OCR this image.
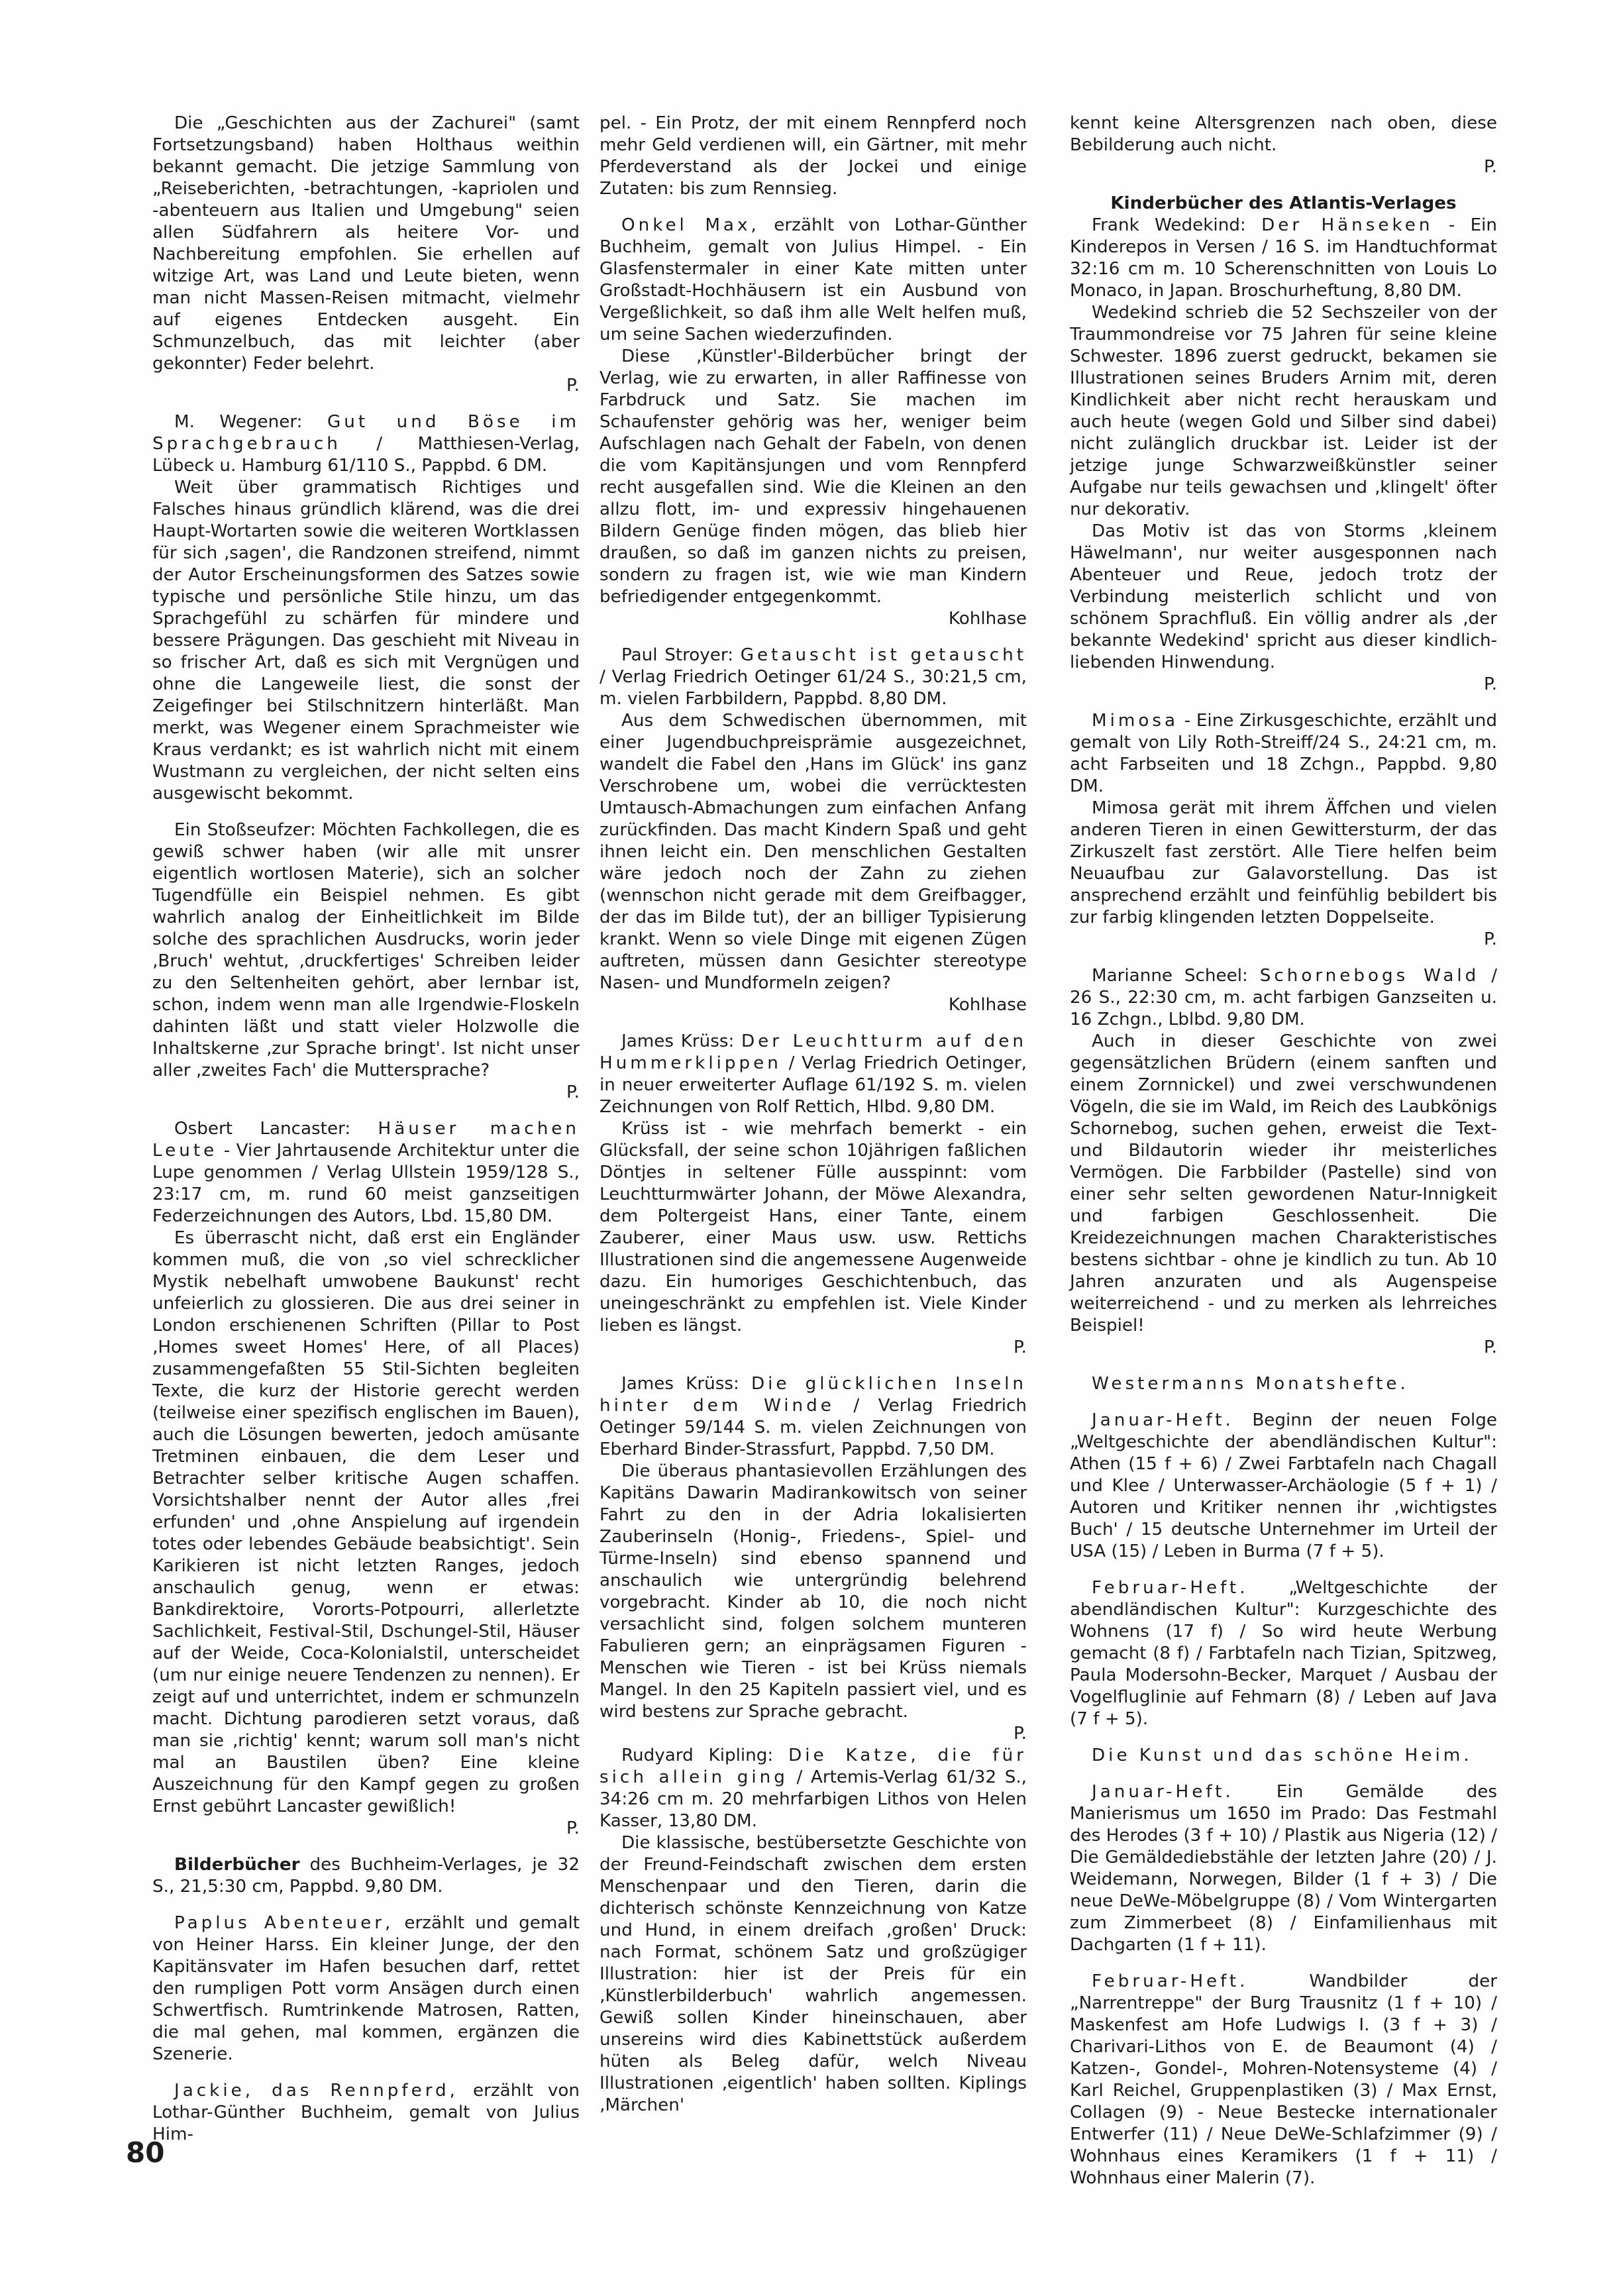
Die „Geschichten aus der Zachurei" (samt Fortsetzungsband) haben Holthaus weithin bekannt gemacht. Die jetzige Sammlung von „Reiseberichten, -betrachtungen, -kapriolen und -abenteuern aus Italien und Umgebung" seien allen Südfahrern als heitere Vor- und Nachbereitung empfohlen. Sie erhellen auf witzige Art, was Land und Leute bieten, wenn man nicht Massen-Reisen mitmacht, vielmehr auf eigenes Entdecken ausgeht. Ein Schmunzelbuch, das mit leichter (aber gekonnter) Feder belehrt.

P.

M. Wegener: Gut und Böse im Sprachgebrauch / Matthiesen-Verlag, Lübeck u. Hamburg 61/110 S., Pappbd. 6 DM.

Weit über grammatisch Richtiges und Falsches hinaus gründlich klärend, was die drei Haupt-Wortarten sowie die weiteren Wortklassen für sich ‚sagen', die Randzonen streifend, nimmt der Autor Erscheinungsformen des Satzes sowie typische und persönliche Stile hinzu, um das Sprachgefühl zu schärfen für mindere und bessere Prägungen. Das geschieht mit Niveau in so frischer Art, daß es sich mit Vergnügen und ohne die Langeweile liest, die sonst der Zeigefinger bei Stilschnitzern hinterläßt. Man merkt, was Wegener einem Sprachmeister wie Kraus verdankt; es ist wahrlich nicht mit einem Wustmann zu vergleichen, der nicht selten eins ausgewischt bekommt.

Ein Stoßseufzer: Möchten Fachkollegen, die es gewiß schwer haben (wir alle mit unsrer eigentlich wortlosen Materie), sich an solcher Tugendfülle ein Beispiel nehmen. Es gibt wahrlich analog der Einheitlichkeit im Bilde solche des sprachlichen Ausdrucks, worin jeder ‚Bruch' wehtut, ‚druckfertiges' Schreiben leider zu den Seltenheiten gehört, aber lernbar ist, schon, indem wenn man alle Irgendwie-Floskeln dahinten läßt und statt vieler Holzwolle die Inhaltskerne ‚zur Sprache bringt'. Ist nicht unser aller ‚zweites Fach' die Muttersprache?

P.

Osbert Lancaster: Häuser machen Leute - Vier Jahrtausende Architektur unter die Lupe genommen / Verlag Ullstein 1959/128 S., 23:17 cm, m. rund 60 meist ganzseitigen Federzeichnungen des Autors, Lbd. 15,80 DM.

Es überrascht nicht, daß erst ein Engländer kommen muß, die von ‚so viel schrecklicher Mystik nebelhaft umwobene Baukunst' recht unfeierlich zu glossieren. Die aus drei seiner in London erschienenen Schriften (Pillar to Post ‚Homes sweet Homes' Here, of all Places) zusammengefaßten 55 Stil-Sichten begleiten Texte, die kurz der Historie gerecht werden (teilweise einer spezifisch englischen im Bauen), auch die Lösungen bewerten, jedoch amüsante Tretminen einbauen, die dem Leser und Betrachter selber kritische Augen schaffen. Vorsichtshalber nennt der Autor alles ‚frei erfunden' und ‚ohne Anspielung auf irgendein totes oder lebendes Gebäude beabsichtigt'. Sein Karikieren ist nicht letzten Ranges, jedoch anschaulich genug, wenn er etwas: Bankdirektoire, Vororts-Potpourri, allerletzte Sachlichkeit, Festival-Stil, Dschungel-Stil, Häuser auf der Weide, Coca-Kolonialstil, unterscheidet (um nur einige neuere Tendenzen zu nennen). Er zeigt auf und unterrichtet, indem er schmunzeln macht. Dichtung parodieren setzt voraus, daß man sie ‚richtig' kennt; warum soll man's nicht mal an Baustilen üben? Eine kleine Auszeichnung für den Kampf gegen zu großen Ernst gebührt Lancaster gewißlich!

P.

Bilderbücher des Buchheim-Verlages, je 32 S., 21,5:30 cm, Pappbd. 9,80 DM.

Paplus Abenteuer, erzählt und gemalt von Heiner Harss. Ein kleiner Junge, der den Kapitänsvater im Hafen besuchen darf, rettet den rumpligen Pott vorm Ansägen durch einen Schwertfisch. Rumtrinkende Matrosen, Ratten, die mal gehen, mal kommen, ergänzen die Szenerie.

Jackie, das Rennpferd, erzählt von Lothar-Günther Buchheim, gemalt von Julius Him-

pel. - Ein Protz, der mit einem Rennpferd noch mehr Geld verdienen will, ein Gärtner, mit mehr Pferdeverstand als der Jockei und einige Zutaten: bis zum Rennsieg.

Onkel Max, erzählt von Lothar-Günther Buchheim, gemalt von Julius Himpel. - Ein Glasfenstermaler in einer Kate mitten unter Großstadt-Hochhäusern ist ein Ausbund von Vergeßlichkeit, so daß ihm alle Welt helfen muß, um seine Sachen wiederzufinden.

Diese ‚Künstler'-Bilderbücher bringt der Verlag, wie zu erwarten, in aller Raffinesse von Farbdruck und Satz. Sie machen im Schaufenster gehörig was her, weniger beim Aufschlagen nach Gehalt der Fabeln, von denen die vom Kapitänsjungen und vom Rennpferd recht ausgefallen sind. Wie die Kleinen an den allzu flott, im- und expressiv hingehauenen Bildern Genüge finden mögen, das blieb hier draußen, so daß im ganzen nichts zu preisen, sondern zu fragen ist, wie wie man Kindern befriedigender entgegenkommt.

Kohlhase

Paul Stroyer: Getauscht ist getauscht / Verlag Friedrich Oetinger 61/24 S., 30:21,5 cm, m. vielen Farbbildern, Pappbd. 8,80 DM.

Aus dem Schwedischen übernommen, mit einer Jugendbuchpreisprämie ausgezeichnet, wandelt die Fabel den ‚Hans im Glück' ins ganz Verschrobene um, wobei die verrücktesten Umtausch-Abmachungen zum einfachen Anfang zurückfinden. Das macht Kindern Spaß und geht ihnen leicht ein. Den menschlichen Gestalten wäre jedoch noch der Zahn zu ziehen (wennschon nicht gerade mit dem Greifbagger, der das im Bilde tut), der an billiger Typisierung krankt. Wenn so viele Dinge mit eigenen Zügen auftreten, müssen dann Gesichter stereotype Nasen- und Mundformeln zeigen?

Kohlhase

James Krüss: Der Leuchtturm auf den Hummerklippen / Verlag Friedrich Oetinger, in neuer erweiterter Auflage 61/192 S. m. vielen Zeichnungen von Rolf Rettich, Hlbd. 9,80 DM.

Krüss ist - wie mehrfach bemerkt - ein Glücksfall, der seine schon 10jährigen faßlichen Döntjes in seltener Fülle ausspinnt: vom Leuchtturmwärter Johann, der Möwe Alexandra, dem Poltergeist Hans, einer Tante, einem Zauberer, einer Maus usw. usw. Rettichs Illustrationen sind die angemessene Augenweide dazu. Ein humoriges Geschichtenbuch, das uneingeschränkt zu empfehlen ist. Viele Kinder lieben es längst.

P.

James Krüss: Die glücklichen Inseln hinter dem Winde / Verlag Friedrich Oetinger 59/144 S. m. vielen Zeichnungen von Eberhard Binder-Strassfurt, Pappbd. 7,50 DM.

Die überaus phantasievollen Erzählungen des Kapitäns Dawarin Madirankowitsch von seiner Fahrt zu den in der Adria lokalisierten Zauberinseln (Honig-, Friedens-, Spiel- und Türme-Inseln) sind ebenso spannend und anschaulich wie untergründig belehrend vorgebracht. Kinder ab 10, die noch nicht versachlicht sind, folgen solchem munteren Fabulieren gern; an einprägsamen Figuren - Menschen wie Tieren - ist bei Krüss niemals Mangel. In den 25 Kapiteln passiert viel, und es wird bestens zur Sprache gebracht.

P.

Rudyard Kipling: Die Katze, die für sich allein ging / Artemis-Verlag 61/32 S., 34:26 cm m. 20 mehrfarbigen Lithos von Helen Kasser, 13,80 DM.

Die klassische, bestübersetzte Geschichte von der Freund-Feindschaft zwischen dem ersten Menschenpaar und den Tieren, darin die dichterisch schönste Kennzeichnung von Katze und Hund, in einem dreifach ‚großen' Druck: nach Format, schönem Satz und großzügiger Illustration: hier ist der Preis für ein ‚Künstlerbilderbuch' wahrlich angemessen. Gewiß sollen Kinder hineinschauen, aber unsereins wird dies Kabinettstück außerdem hüten als Beleg dafür, welch Niveau Illustrationen ‚eigentlich' haben sollten. Kiplings ‚Märchen'

kennt keine Altersgrenzen nach oben, diese Bebilderung auch nicht.

P.

Kinderbücher des Atlantis-Verlages

Frank Wedekind: Der Hänseken - Ein Kinderepos in Versen / 16 S. im Handtuchformat 32:16 cm m. 10 Scherenschnitten von Louis Lo Monaco, in Japan. Broschurheftung, 8,80 DM.

Wedekind schrieb die 52 Sechszeiler von der Traummondreise vor 75 Jahren für seine kleine Schwester. 1896 zuerst gedruckt, bekamen sie Illustrationen seines Bruders Arnim mit, deren Kindlichkeit aber nicht recht herauskam und auch heute (wegen Gold und Silber sind dabei) nicht zulänglich druckbar ist. Leider ist der jetzige junge Schwarzweißkünstler seiner Aufgabe nur teils gewachsen und ‚klingelt' öfter nur dekorativ.

Das Motiv ist das von Storms ‚kleinem Häwelmann', nur weiter ausgesponnen nach Abenteuer und Reue, jedoch trotz der Verbindung meisterlich schlicht und von schönem Sprachfluß. Ein völlig andrer als ‚der bekannte Wedekind' spricht aus dieser kindlich-liebenden Hinwendung.

P.

Mimosa - Eine Zirkusgeschichte, erzählt und gemalt von Lily Roth-Streiff/24 S., 24:21 cm, m. acht Farbseiten und 18 Zchgn., Pappbd. 9,80 DM.

Mimosa gerät mit ihrem Äffchen und vielen anderen Tieren in einen Gewittersturm, der das Zirkuszelt fast zerstört. Alle Tiere helfen beim Neuaufbau zur Galavorstellung. Das ist ansprechend erzählt und feinfühlig bebildert bis zur farbig klingenden letzten Doppelseite.

P.

Marianne Scheel: Schornebogs Wald / 26 S., 22:30 cm, m. acht farbigen Ganzseiten u. 16 Zchgn., Lblbd. 9,80 DM.

Auch in dieser Geschichte von zwei gegensätzlichen Brüdern (einem sanften und einem Zornnickel) und zwei verschwundenen Vögeln, die sie im Wald, im Reich des Laubkönigs Schornebog, suchen gehen, erweist die Text- und Bildautorin wieder ihr meisterliches Vermögen. Die Farbbilder (Pastelle) sind von einer sehr selten gewordenen Natur-Innigkeit und farbigen Geschlossenheit. Die Kreidezeichnungen machen Charakteristisches bestens sichtbar - ohne je kindlich zu tun. Ab 10 Jahren anzuraten und als Augenspeise weiterreichend - und zu merken als lehrreiches Beispiel!

P.

Westermanns Monatshefte.

Januar-Heft. Beginn der neuen Folge „Weltgeschichte der abendländischen Kultur": Athen (15 f + 6) / Zwei Farbtafeln nach Chagall und Klee / Unterwasser-Archäologie (5 f + 1) / Autoren und Kritiker nennen ihr ‚wichtigstes Buch' / 15 deutsche Unternehmer im Urteil der USA (15) / Leben in Burma (7 f + 5).

Februar-Heft. „Weltgeschichte der abendländischen Kultur": Kurzgeschichte des Wohnens (17 f) / So wird heute Werbung gemacht (8 f) / Farbtafeln nach Tizian, Spitzweg, Paula Modersohn-Becker, Marquet / Ausbau der Vogelfluglinie auf Fehmarn (8) / Leben auf Java (7 f + 5).

Die Kunst und das schöne Heim.

Januar-Heft. Ein Gemälde des Manierismus um 1650 im Prado: Das Festmahl des Herodes (3 f + 10) / Plastik aus Nigeria (12) / Die Gemäldediebstähle der letzten Jahre (20) / J. Weidemann, Norwegen, Bilder (1 f + 3) / Die neue DeWe-Möbelgruppe (8) / Vom Wintergarten zum Zimmerbeet (8) / Einfamilienhaus mit Dachgarten (1 f + 11).

Februar-Heft.	Wandbilder der „Narrentreppe" der Burg Trausnitz (1 f + 10) / Maskenfest am Hofe Ludwigs I. (3 f + 3) / Charivari-Lithos von E. de Beaumont (4) / Katzen-, Gondel-, Mohren-Notensysteme (4) / Karl Reichel, Gruppenplastiken (3) / Max Ernst, Collagen (9) - Neue Bestecke internationaler Entwerfer (11) / Neue DeWe-Schlafzimmer (9) / Wohnhaus eines Keramikers (1 f + 11) / Wohnhaus einer Malerin (7).

80
